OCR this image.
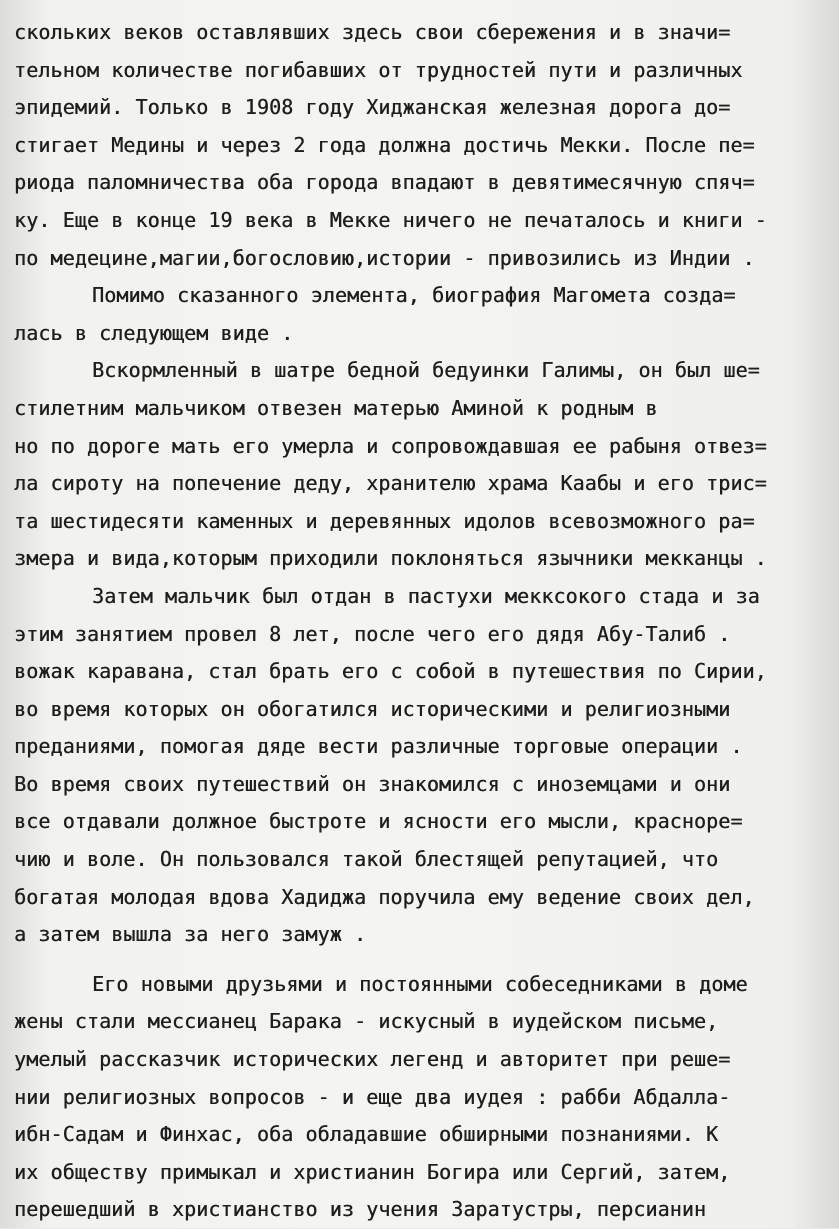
скольких веков оставлявших здесь свои сбережения и в значи=
тельном количестве погибавших от трудностей пути и различных
эпидемий. Только в 1908 году Хиджанская железная дорога до=
стигает Медины и через 2 года должна достичь Мекки. После пе=
риода паломничества оба города впадают в девятимесячную спяч=
ку. Еще в конце 19 века в Мекке ничего не печаталось и книги -
по медецине,магии,богословию,истории - привозились из Индии .
Помимо сказанного элемента, биография Магомета созда=
лась в следующем виде .
Вскормленный в шатре бедной бедуинки Галимы, он был ше=
стилетним мальчиком отвезен матерью Аминой к родным в
но по дороге мать его умерла и сопровождавшая ее рабыня отвез=
ла сироту на попечение деду, хранителю храма Каабы и его трис=
та шестидесяти каменных и деревянных идолов всевозможного ра=
змера и вида,которым приходили поклоняться язычники мекканцы .
Затем мальчик был отдан в пастухи мекксокого стада и за
этим занятием провел 8 лет, после чего его дядя Абу-Талиб .
вожак каравана, стал брать его с собой в путешествия по Сирии,
во время которых он обогатился историческими и религиозными
преданиями, помогая дяде вести различные торговые операции .
Во время своих путешествий он знакомился с иноземцами и они
все отдавали должное быстроте и ясности его мысли, красноре=
чию и воле. Он пользовался такой блестящей репутацией, что
богатая молодая вдова Хадиджа поручила ему ведение своих дел,
а затем вышла за него замуж .
Его новыми друзьями и постоянными собеседниками в доме
жены стали мессианец Барака - искусный в иудейском письме,
умелый рассказчик исторических легенд и авторитет при реше=
нии религиозных вопросов - и еще два иудея : рабби Абдалла-
ибн-Садам и Финхас, оба обладавшие обширными познаниями. К
их обществу примыкал и христианин Богира или Сергий, затем,
перешедший в христианство из учения Заратустры, персианин
